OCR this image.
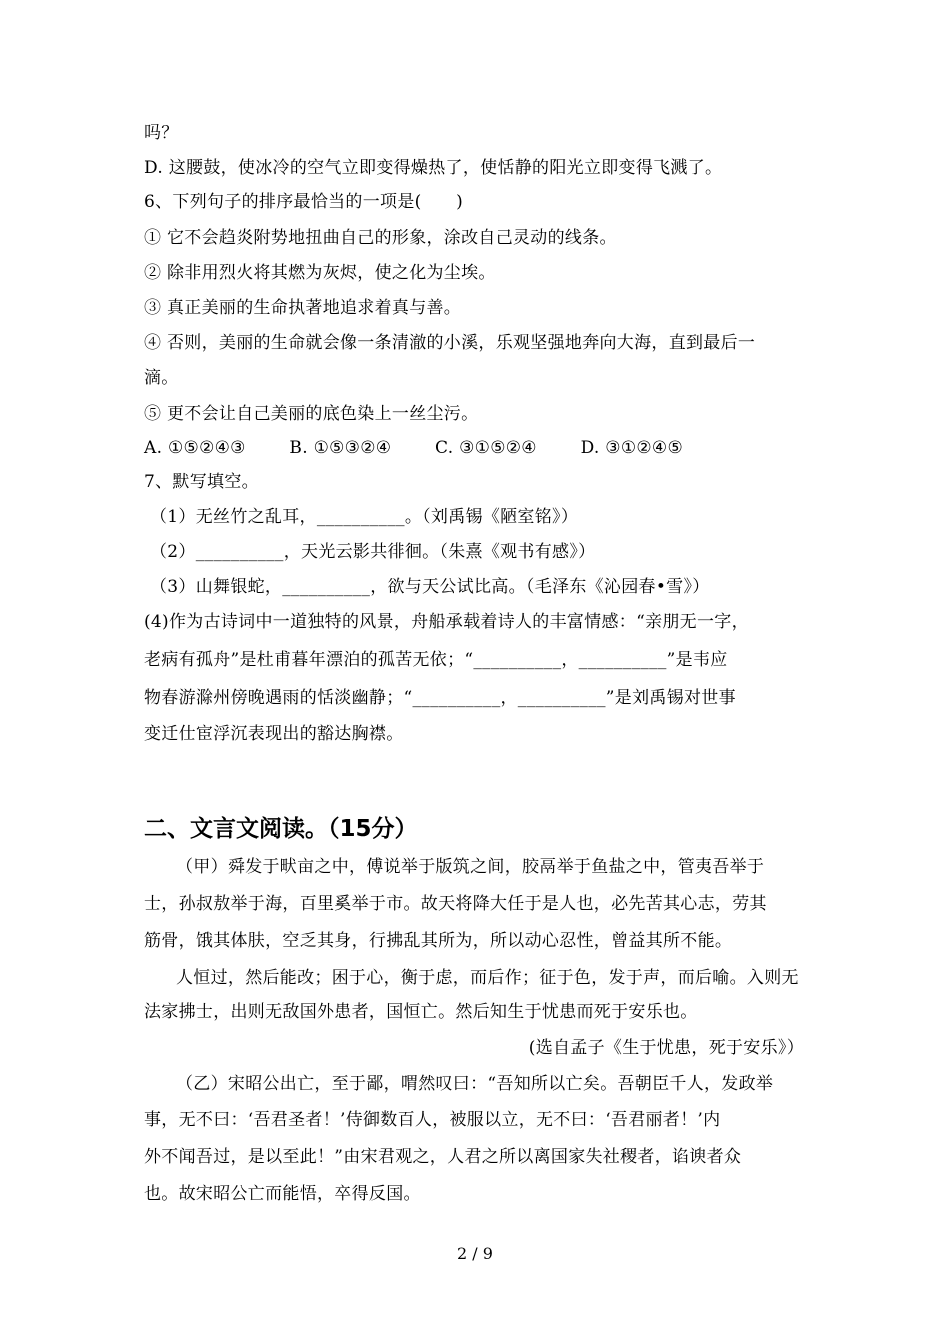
吗？
D. 这腰鼓，使冰冷的空气立即变得燥热了，使恬静的阳光立即变得飞溅了。
6、下列句子的排序最恰当的一项是(　　)
① 它不会趋炎附势地扭曲自己的形象，涂改自己灵动的线条。
② 除非用烈火将其燃为灰烬，使之化为尘埃。
③ 真正美丽的生命执著地追求着真与善。
④ 否则，美丽的生命就会像一条清澈的小溪，乐观坚强地奔向大海，直到最后一
滴。
⑤ 更不会让自己美丽的底色染上一丝尘污。
A. ①⑤②④③	B. ①⑤③②④	C. ③①⑤②④	D. ③①②④⑤
7、默写填空。
（1）无丝竹之乱耳，__________。（刘禹锡《陋室铭》）
（2）__________，天光云影共徘徊。（朱熹《观书有感》）
（3）山舞银蛇，__________，欲与天公试比高。（毛泽东《沁园春•雪》）
(4)作为古诗词中一道独特的风景，舟船承载着诗人的丰富情感：“亲朋无一字，
老病有孤舟”是杜甫暮年漂泊的孤苦无依；“__________，__________”是韦应
物春游滁州傍晚遇雨的恬淡幽静；“__________，__________”是刘禹锡对世事
变迁仕宦浮沉表现出的豁达胸襟。
二、文言文阅读。（15分）
（甲）舜发于畎亩之中，傅说举于版筑之间，胶鬲举于鱼盐之中，管夷吾举于
士，孙叔敖举于海，百里奚举于市。故天将降大任于是人也，必先苦其心志，劳其
筋骨，饿其体肤，空乏其身，行拂乱其所为，所以动心忍性，曾益其所不能。
人恒过，然后能改；困于心，衡于虑，而后作；征于色，发于声，而后喻。入则无
法家拂士，出则无敌国外患者，国恒亡。然后知生于忧患而死于安乐也。
(选自孟子《生于忧患，死于安乐》）
（乙）宋昭公出亡，至于鄙，喟然叹曰：“吾知所以亡矣。吾朝臣千人，发政举
事，无不曰：‘吾君圣者！’侍御数百人，被服以立，无不曰：‘吾君丽者！’内
外不闻吾过，是以至此！”由宋君观之，人君之所以离国家失社稷者，谄谀者众
也。故宋昭公亡而能悟，卒得反国。
2 / 9
